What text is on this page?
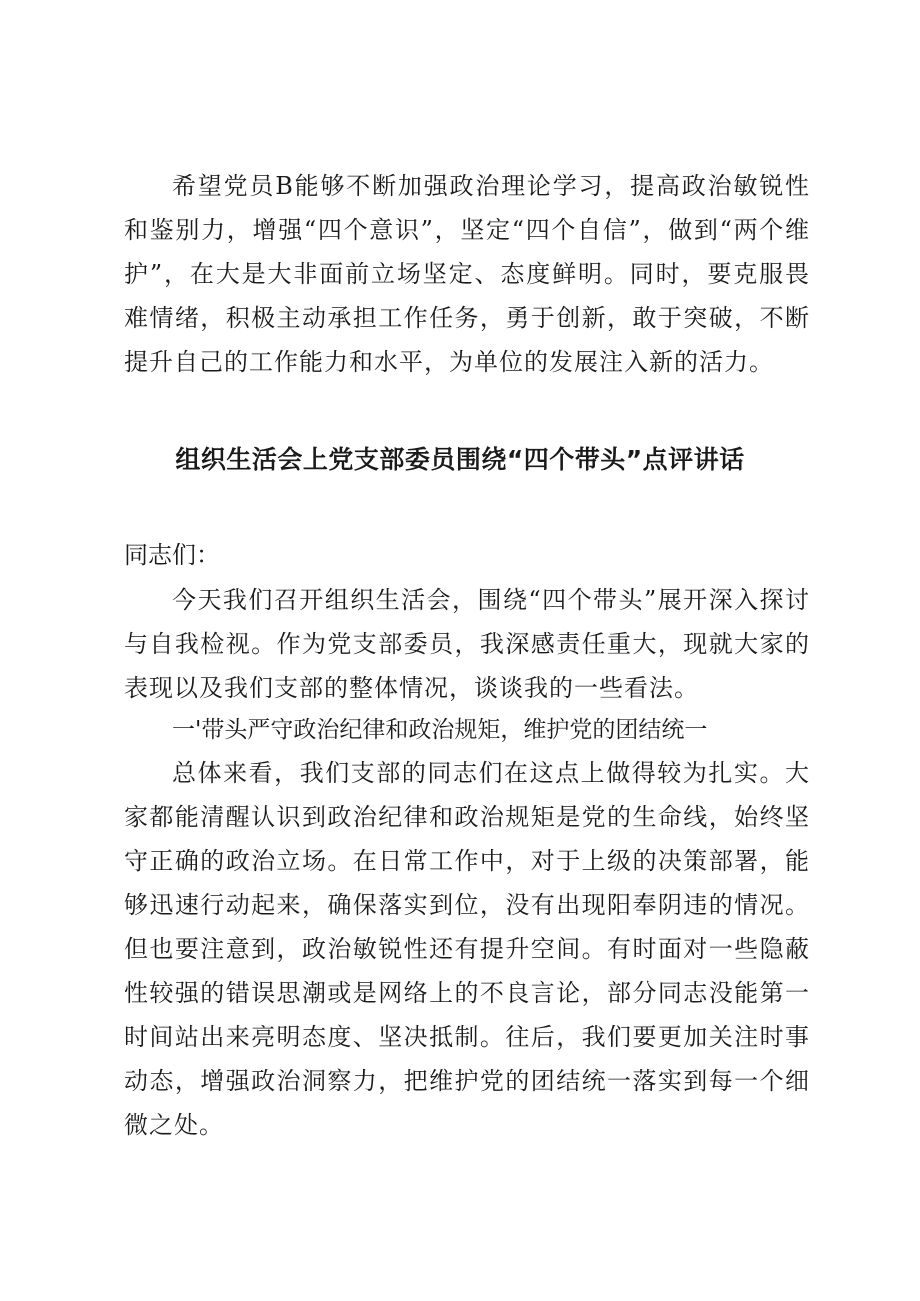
希望党员B能够不断加强政治理论学习，提高政治敏锐性和鉴别力，增强“四个意识”，坚定“四个自信”，做到“两个维护”，在大是大非面前立场坚定、态度鲜明。同时，要克服畏难情绪，积极主动承担工作任务，勇于创新，敢于突破，不断提升自己的工作能力和水平，为单位的发展注入新的活力。

组织生活会上党支部委员围绕“四个带头”点评讲话

同志们：

今天我们召开组织生活会，围绕“四个带头”展开深入探讨与自我检视。作为党支部委员，我深感责任重大，现就大家的表现以及我们支部的整体情况，谈谈我的一些看法。

一'带头严守政治纪律和政治规矩，维护党的团结统一

总体来看，我们支部的同志们在这点上做得较为扎实。大家都能清醒认识到政治纪律和政治规矩是党的生命线，始终坚守正确的政治立场。在日常工作中，对于上级的决策部署，能够迅速行动起来，确保落实到位，没有出现阳奉阴违的情况。但也要注意到，政治敏锐性还有提升空间。有时面对一些隐蔽性较强的错误思潮或是网络上的不良言论，部分同志没能第一时间站出来亮明态度、坚决抵制。往后，我们要更加关注时事动态，增强政治洞察力，把维护党的团结统一落实到每一个细微之处。
